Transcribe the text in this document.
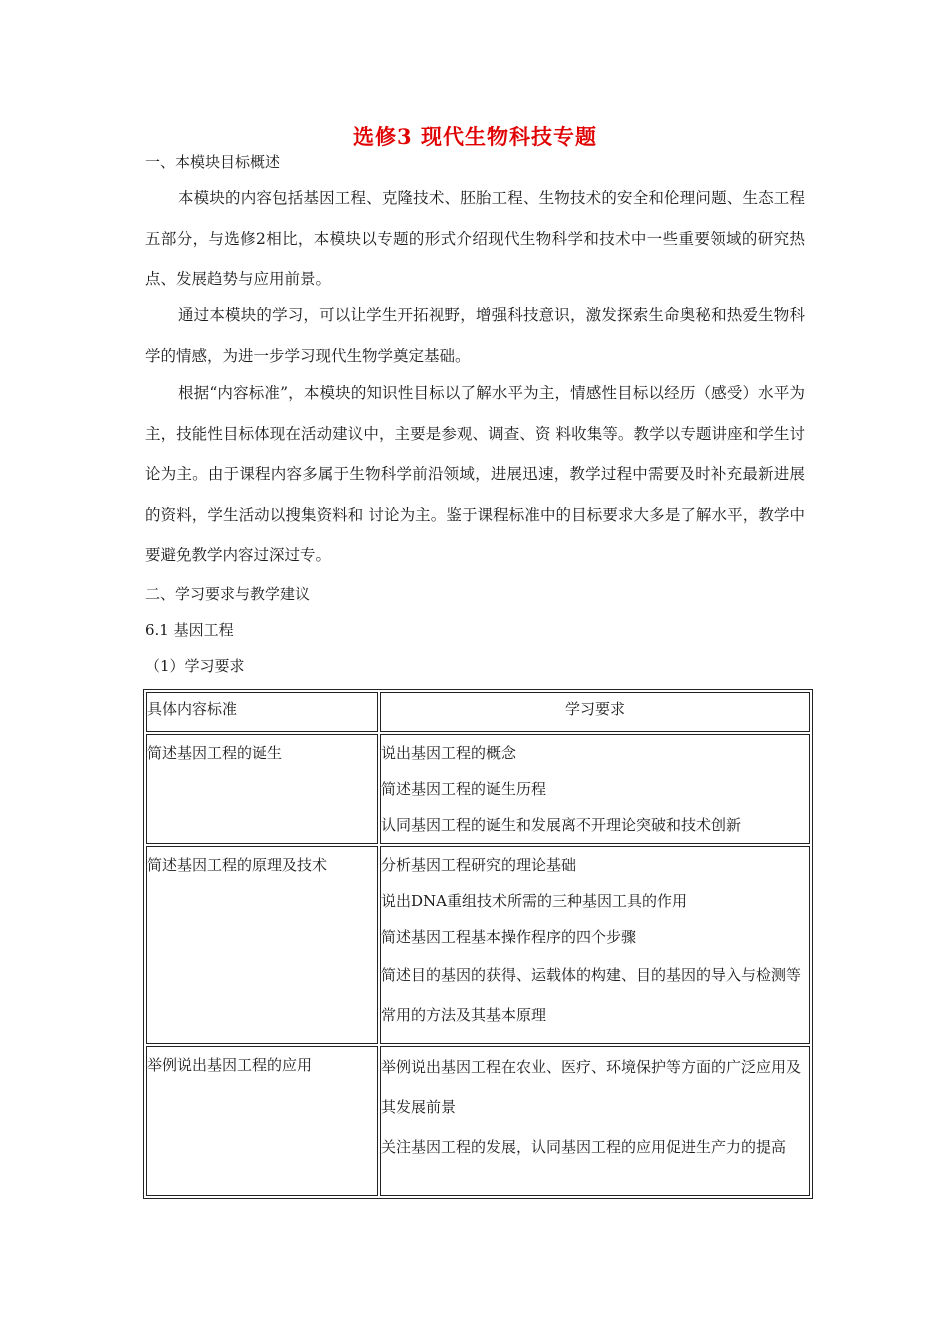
选修3 现代生物科技专题
一、本模块目标概述

本模块的内容包括基因工程、克隆技术、胚胎工程、生物技术的安全和伦理问题、生态工程五部分，与选修2相比，本模块以专题的形式介绍现代生物科学和技术中一些重要领域的研究热点、发展趋势与应用前景。

通过本模块的学习，可以让学生开拓视野，增强科技意识，激发探索生命奥秘和热爱生物科学的情感，为进一步学习现代生物学奠定基础。

根据“内容标准”，本模块的知识性目标以了解水平为主，情感性目标以经历（感受）水平为主，技能性目标体现在活动建议中，主要是参观、调查、资 料收集等。教学以专题讲座和学生讨论为主。由于课程内容多属于生物科学前沿领域，进展迅速，教学过程中需要及时补充最新进展的资料，学生活动以搜集资料和 讨论为主。鉴于课程标准中的目标要求大多是了解水平，教学中要避免教学内容过深过专。

二、学习要求与教学建议
6.1 基因工程
（1）学习要求
具体内容标准	学习要求

简述基因工程的诞生	说出基因工程的概念
简述基因工程的诞生历程
认同基因工程的诞生和发展离不开理论突破和技术创新

简述基因工程的原理及技术	分析基因工程研究的理论基础
说出DNA重组技术所需的三种基因工具的作用
简述基因工程基本操作程序的四个步骤
简述目的基因的获得、运载体的构建、目的基因的导入与检测等常用的方法及其基本原理

举例说出基因工程的应用	举例说出基因工程在农业、医疗、环境保护等方面的广泛应用及其发展前景
关注基因工程的发展，认同基因工程的应用促进生产力的提高
